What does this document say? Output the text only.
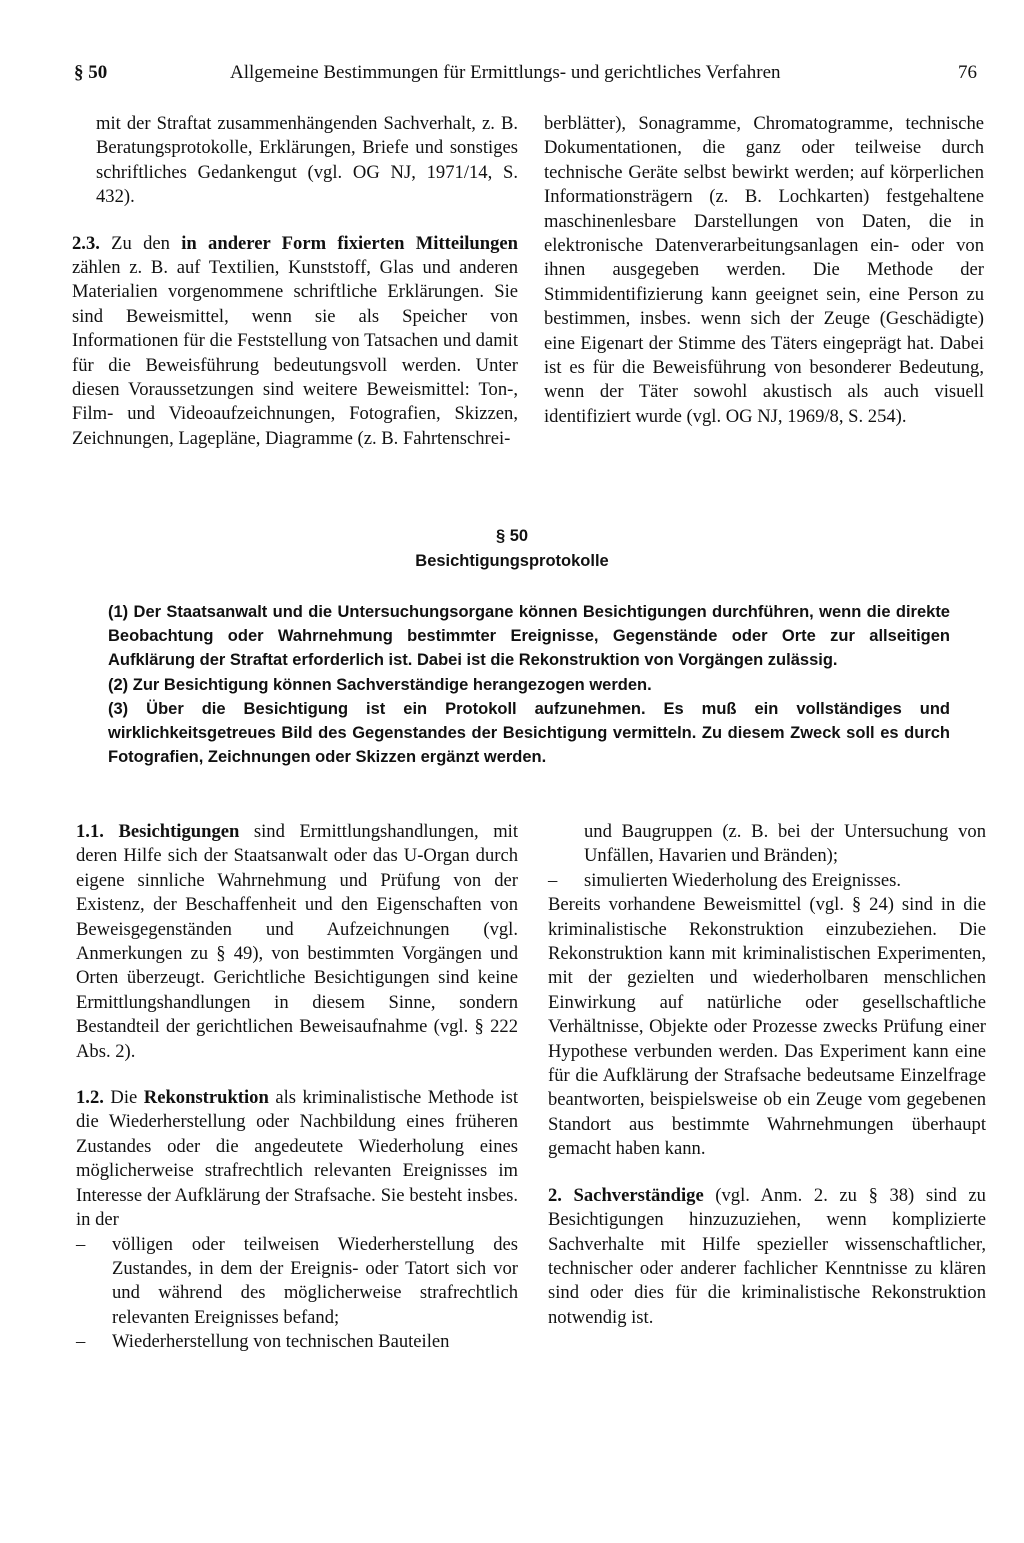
§ 50	Allgemeine Bestimmungen für Ermittlungs- und gerichtliches Verfahren	76

mit der Straftat zusammenhängenden Sachverhalt, z. B. Beratungsprotokolle, Erklärungen, Briefe und sonstiges schriftliches Gedankengut (vgl. OG NJ, 1971/14, S. 432).

2.3. Zu den in anderer Form fixierten Mitteilungen zählen z. B. auf Textilien, Kunststoff, Glas und anderen Materialien vorgenommene schriftliche Erklärungen. Sie sind Beweismittel, wenn sie als Speicher von Informationen für die Feststellung von Tatsachen und damit für die Beweisführung bedeutungsvoll werden. Unter diesen Voraussetzungen sind weitere Beweismittel: Ton-, Film- und Videoaufzeichnungen, Fotografien, Skizzen, Zeichnungen, Lagepläne, Diagramme (z. B. Fahrtenschrei-

berblätter), Sonagramme, Chromatogramme, technische Dokumentationen, die ganz oder teilweise durch technische Geräte selbst bewirkt werden; auf körperlichen Informationsträgern (z. B. Lochkarten) festgehaltene maschinenlesbare Darstellungen von Daten, die in elektronische Datenverarbeitungsanlagen ein- oder von ihnen ausgegeben werden. Die Methode der Stimmidentifizierung kann geeignet sein, eine Person zu bestimmen, insbes. wenn sich der Zeuge (Geschädigte) eine Eigenart der Stimme des Täters eingeprägt hat. Dabei ist es für die Beweisführung von besonderer Bedeutung, wenn der Täter sowohl akustisch als auch visuell identifiziert wurde (vgl. OG NJ, 1969/8, S. 254).

§ 50
Besichtigungsprotokolle

(1) Der Staatsanwalt und die Untersuchungsorgane können Besichtigungen durchführen, wenn die direkte Beobachtung oder Wahrnehmung bestimmter Ereignisse, Gegenstände oder Orte zur allseitigen Aufklärung der Straftat erforderlich ist. Dabei ist die Rekonstruktion von Vorgängen zulässig.

(2) Zur Besichtigung können Sachverständige herangezogen werden.

(3) Über die Besichtigung ist ein Protokoll aufzunehmen. Es muß ein vollständiges und wirklichkeitsgetreues Bild des Gegenstandes der Besichtigung vermitteln. Zu diesem Zweck soll es durch Fotografien, Zeichnungen oder Skizzen ergänzt werden.

1.1. Besichtigungen sind Ermittlungshandlungen, mit deren Hilfe sich der Staatsanwalt oder das U-Organ durch eigene sinnliche Wahrnehmung und Prüfung von der Existenz, der Beschaffenheit und den Eigenschaften von Beweisgegenständen und Aufzeichnungen (vgl. Anmerkungen zu § 49), von bestimmten Vorgängen und Orten überzeugt. Gerichtliche Besichtigungen sind keine Ermittlungshandlungen in diesem Sinne, sondern Bestandteil der gerichtlichen Beweisaufnahme (vgl. § 222 Abs. 2).

1.2. Die Rekonstruktion als kriminalistische Methode ist die Wiederherstellung oder Nachbildung eines früheren Zustandes oder die angedeutete Wiederholung eines möglicherweise strafrechtlich relevanten Ereignisses im Interesse der Aufklärung der Strafsache. Sie besteht insbes. in der

– völligen oder teilweisen Wiederherstellung des Zustandes, in dem der Ereignis- oder Tatort sich vor und während des möglicherweise strafrechtlich relevanten Ereignisses befand;

– Wiederherstellung von technischen Bauteilen

und Baugruppen (z. B. bei der Untersuchung von Unfällen, Havarien und Bränden);

– simulierten Wiederholung des Ereignisses.

Bereits vorhandene Beweismittel (vgl. § 24) sind in die kriminalistische Rekonstruktion einzubeziehen. Die Rekonstruktion kann mit kriminalistischen Experimenten, mit der gezielten und wiederholbaren menschlichen Einwirkung auf natürliche oder gesellschaftliche Verhältnisse, Objekte oder Prozesse zwecks Prüfung einer Hypothese verbunden werden. Das Experiment kann eine für die Aufklärung der Strafsache bedeutsame Einzelfrage beantworten, beispielsweise ob ein Zeuge vom gegebenen Standort aus bestimmte Wahrnehmungen überhaupt gemacht haben kann.

2. Sachverständige (vgl. Anm. 2. zu § 38) sind zu Besichtigungen hinzuzuziehen, wenn komplizierte Sachverhalte mit Hilfe spezieller wissenschaftlicher, technischer oder anderer fachlicher Kenntnisse zu klären sind oder dies für die kriminalistische Rekonstruktion notwendig ist.
